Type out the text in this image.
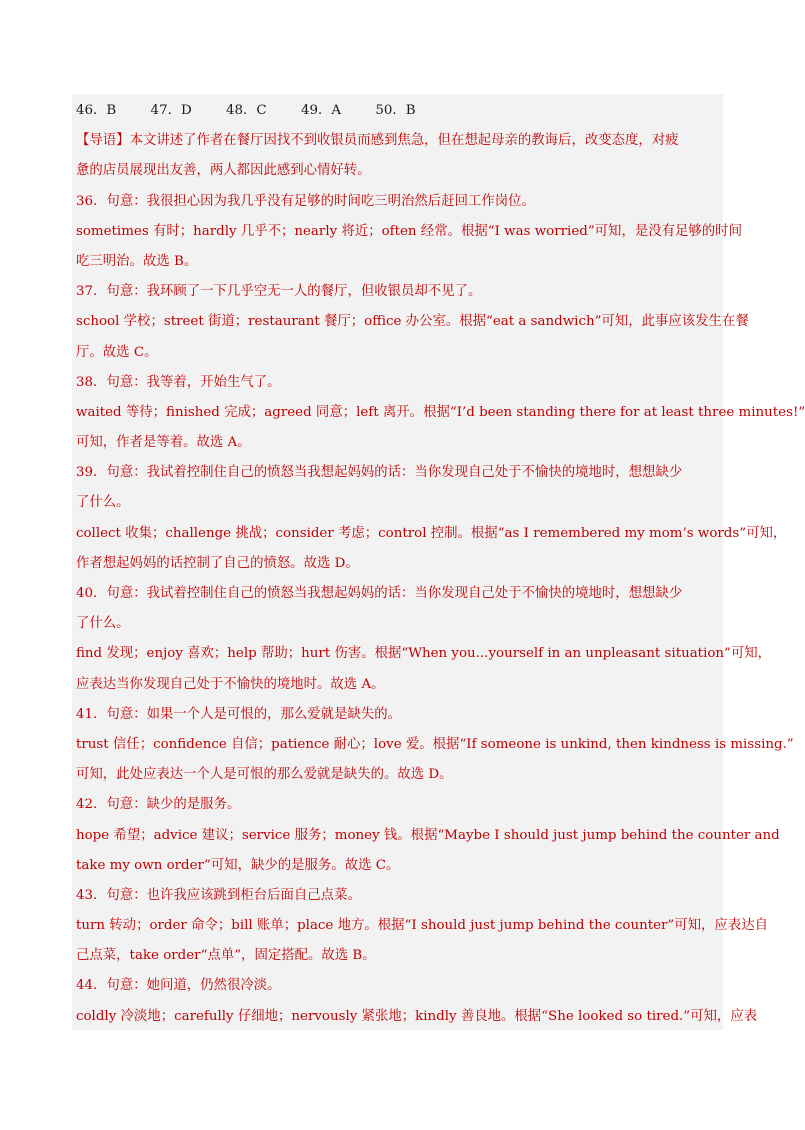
46．B	47．D	48．C	49．A	50．B
【导语】本文讲述了作者在餐厅因找不到收银员而感到焦急，但在想起母亲的教诲后，改变态度，对疲
惫的店员展现出友善，两人都因此感到心情好转。
36．句意：我很担心因为我几乎没有足够的时间吃三明治然后赶回工作岗位。
sometimes 有时；hardly 几乎不；nearly 将近；often 经常。根据“I was worried”可知，是没有足够的时间
吃三明治。故选 B。
37．句意：我环顾了一下几乎空无一人的餐厅，但收银员却不见了。
school 学校；street 街道；restaurant 餐厅；office 办公室。根据“eat a sandwich”可知，此事应该发生在餐
厅。故选 C。
38．句意：我等着，开始生气了。
waited 等待；finished 完成；agreed 同意；left 离开。根据“I’d been standing there for at least three minutes!”
可知，作者是等着。故选 A。
39．句意：我试着控制住自己的愤怒当我想起妈妈的话：当你发现自己处于不愉快的境地时，想想缺少
了什么。
collect 收集；challenge 挑战；consider 考虑；control 控制。根据“as I remembered my mom’s words”可知，
作者想起妈妈的话控制了自己的愤怒。故选 D。
40．句意：我试着控制住自己的愤怒当我想起妈妈的话：当你发现自己处于不愉快的境地时，想想缺少
了什么。
find 发现；enjoy 喜欢；help 帮助；hurt 伤害。根据“When you...yourself in an unpleasant situation”可知，
应表达当你发现自己处于不愉快的境地时。故选 A。
41．句意：如果一个人是可恨的，那么爱就是缺失的。
trust 信任；confidence 自信；patience 耐心；love 爱。根据“If someone is unkind, then kindness is missing.”
可知，此处应表达一个人是可恨的那么爱就是缺失的。故选 D。
42．句意：缺少的是服务。
hope 希望；advice 建议；service 服务；money 钱。根据“Maybe I should just jump behind the counter and
take my own order”可知，缺少的是服务。故选 C。
43．句意：也许我应该跳到柜台后面自己点菜。
turn 转动；order 命令；bill 账单；place 地方。根据“I should just jump behind the counter”可知，应表达自
己点菜，take order“点单”，固定搭配。故选 B。
44．句意：她问道，仍然很冷淡。
coldly 冷淡地；carefully 仔细地；nervously 紧张地；kindly 善良地。根据“She looked so tired.”可知，应表
